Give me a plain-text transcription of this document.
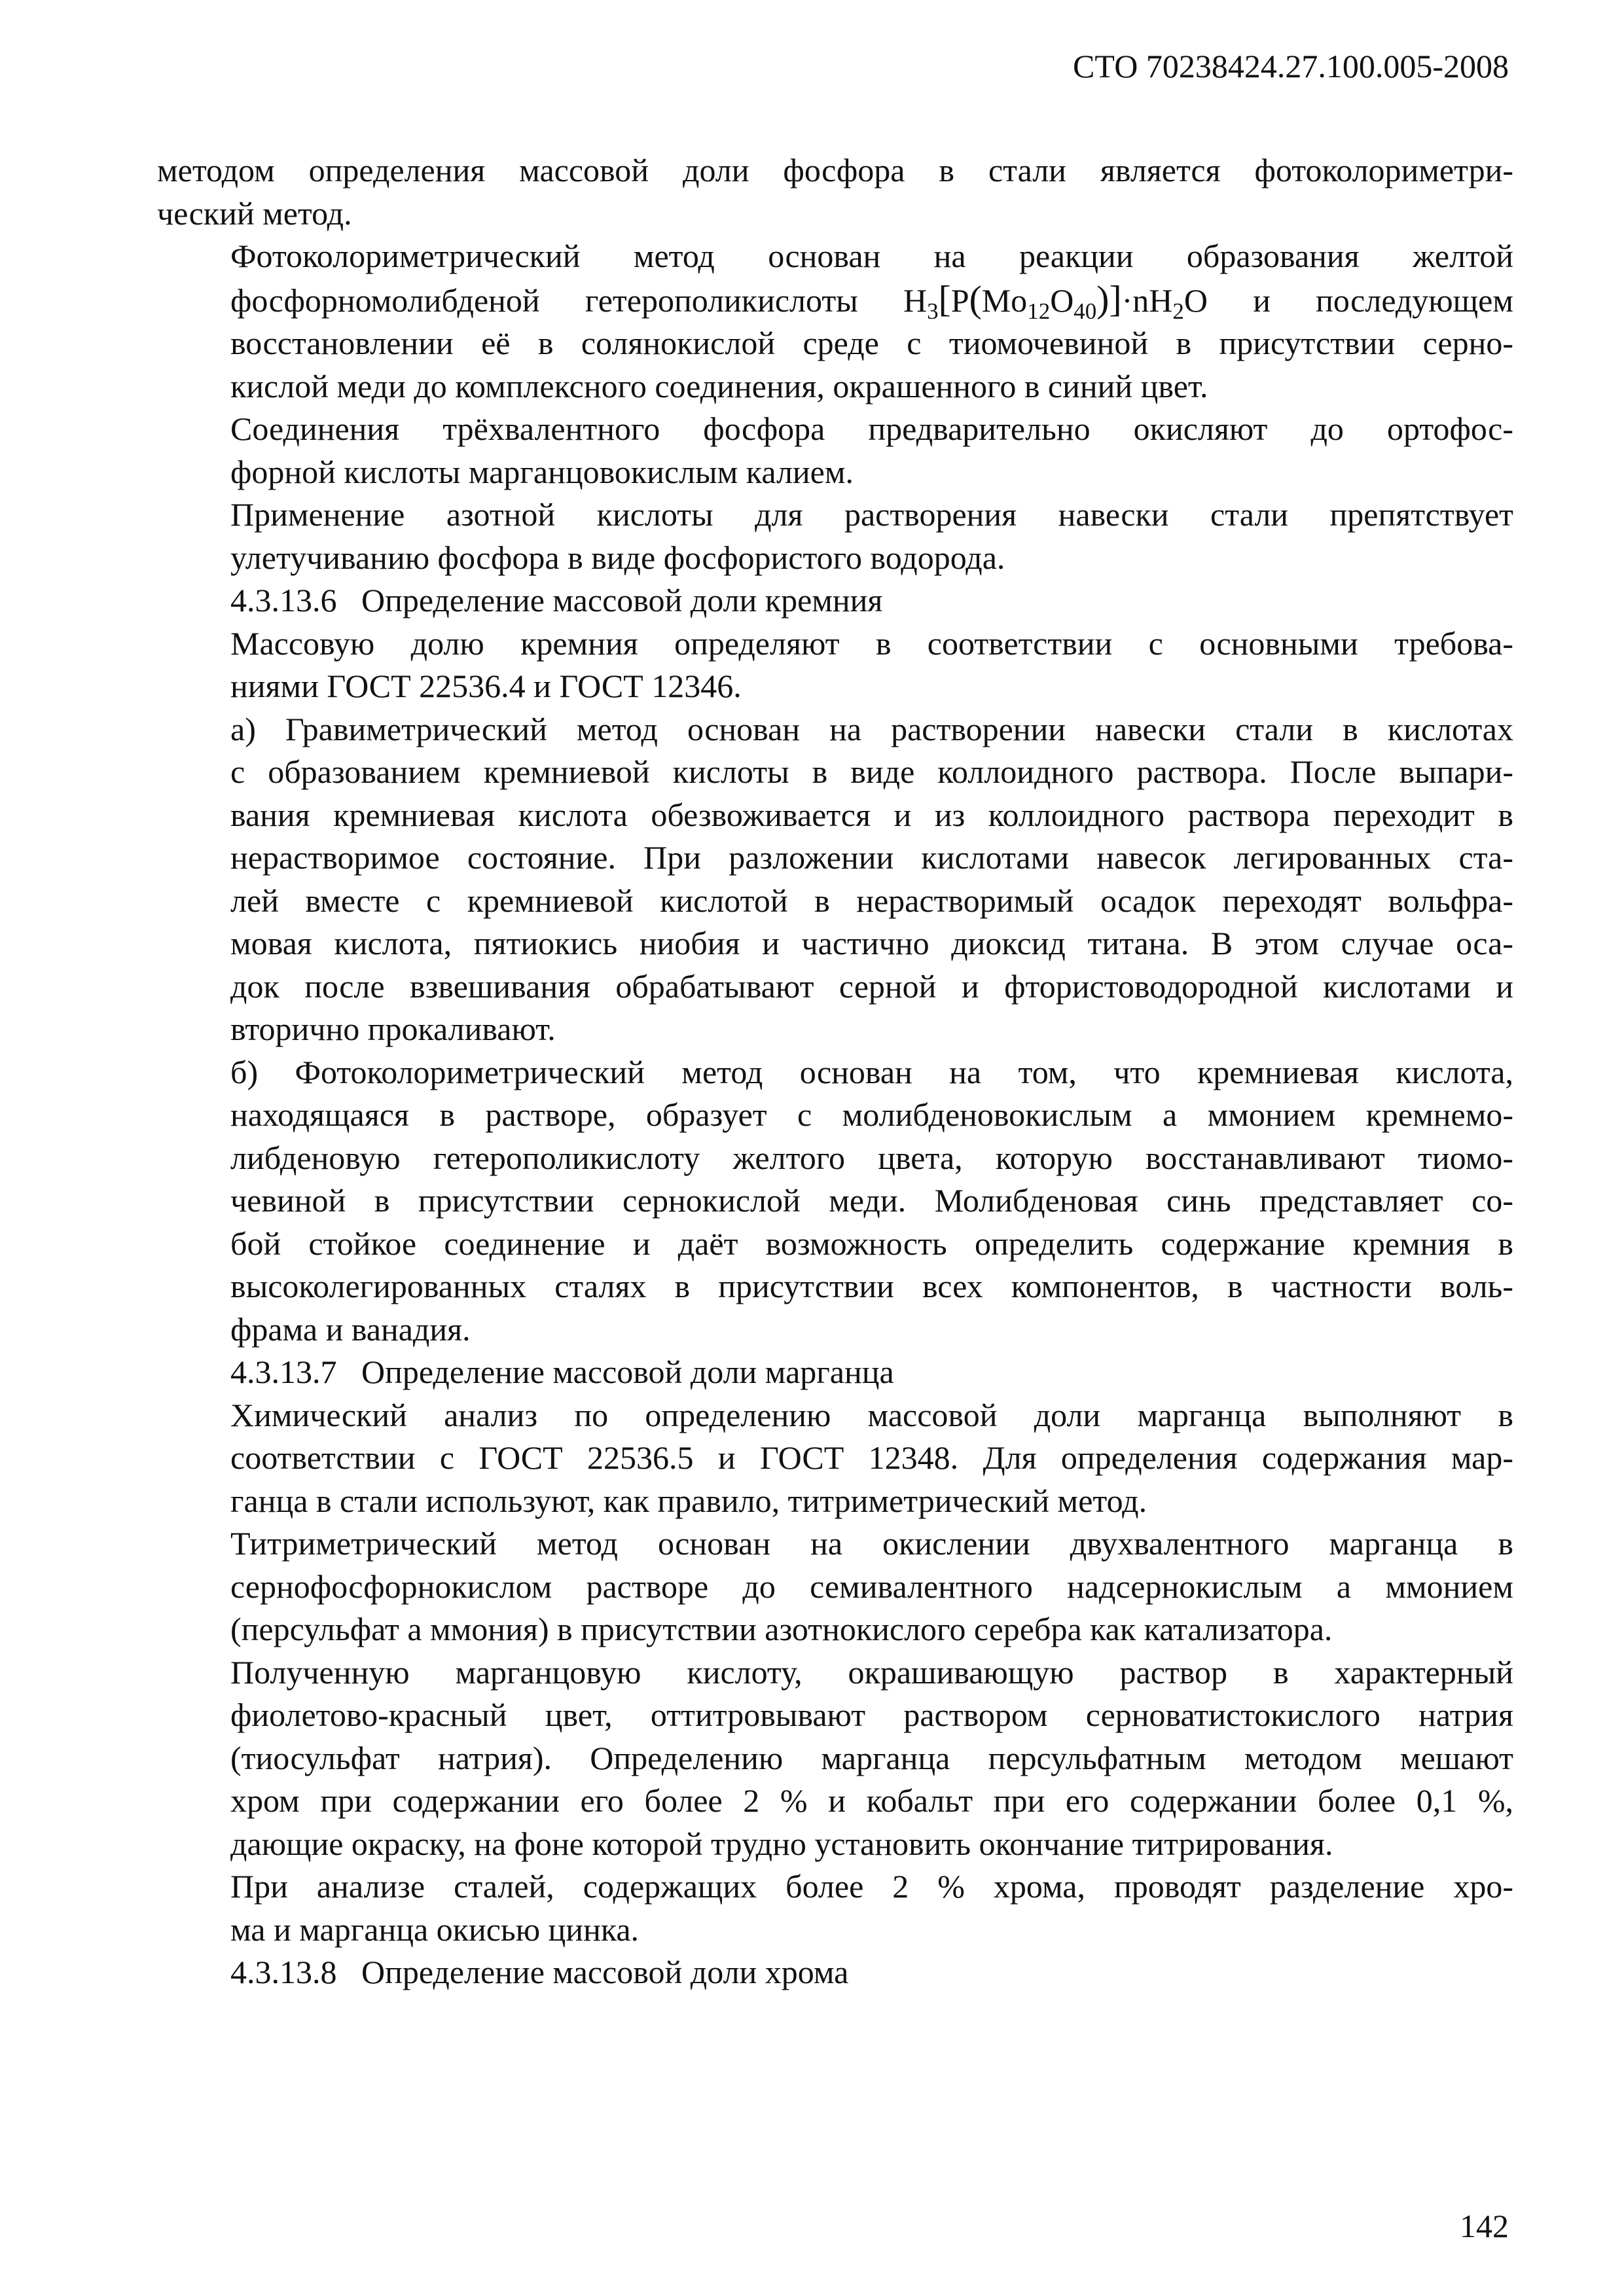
СТО 70238424.27.100.005-2008

методом определения массовой доли фосфора в стали является фотоколориметри-
ческий метод.

Фотоколориметрический метод основан на реакции образования желтой
фосфорномолибденой гетерополикислоты $H_3[P(Mo_{12}O_{40})]\cdot nH_2O$ и последующем
восстановлении её в солянокислой среде с тиомочевиной в присутствии серно-
кислой меди до комплексного соединения, окрашенного в синий цвет.

Соединения трёхвалентного фосфора предварительно окисляют до ортофос-
форной кислоты марганцовокислым калием.

Применение азотной кислоты для растворения навески стали препятствует
улетучиванию фосфора в виде фосфористого водорода.

4.3.13.6 Определение массовой доли кремния

Массовую долю кремния определяют в соответствии с основными требова-
ниями ГОСТ 22536.4 и ГОСТ 12346.

а) Гравиметрический метод основан на растворении навески стали в кислотах
с образованием кремниевой кислоты в виде коллоидного раствора. После выпари-
вания кремниевая кислота обезвоживается и из коллоидного раствора переходит в
нерастворимое состояние. При разложении кислотами навесок легированных ста-
лей вместе с кремниевой кислотой в нерастворимый осадок переходят вольфра-
мовая кислота, пятиокись ниобия и частично диоксид титана. В этом случае оса-
док после взвешивания обрабатывают серной и фтористоводородной кислотами и
вторично прокаливают.

б) Фотоколориметрический метод основан на том, что кремниевая кислота,
находящаяся в растворе, образует с молибденовокислым а ммонием кремнемо-
либденовую гетерополикислоту желтого цвета, которую восстанавливают тиомо-
чевиной в присутствии сернокислой меди. Молибденовая синь представляет со-
бой стойкое соединение и даёт возможность определить содержание кремния в
высоколегированных сталях в присутствии всех компонентов, в частности воль-
фрама и ванадия.

4.3.13.7 Определение массовой доли марганца

Химический анализ по определению массовой доли марганца выполняют в
соответствии с ГОСТ 22536.5 и ГОСТ 12348. Для определения содержания мар-
ганца в стали используют, как правило, титриметрический метод.

Титриметрический метод основан на окислении двухвалентного марганца в
сернофосфорнокислом растворе до семивалентного надсернокислым а ммонием
(персульфат а ммония) в присутствии азотнокислого серебра как катализатора.

Полученную марганцовую кислоту, окрашивающую раствор в характерный
фиолетово-красный цвет, оттитровывают раствором серноватистокислого натрия
(тиосульфат натрия). Определению марганца персульфатным методом мешают
хром при содержании его более 2 % и кобальт при его содержании более 0,1 %,
дающие окраску, на фоне которой трудно установить окончание титрирования.

При анализе сталей, содержащих более 2 % хрома, проводят разделение хро-
ма и марганца окисью цинка.

4.3.13.8 Определение массовой доли хрома

142
